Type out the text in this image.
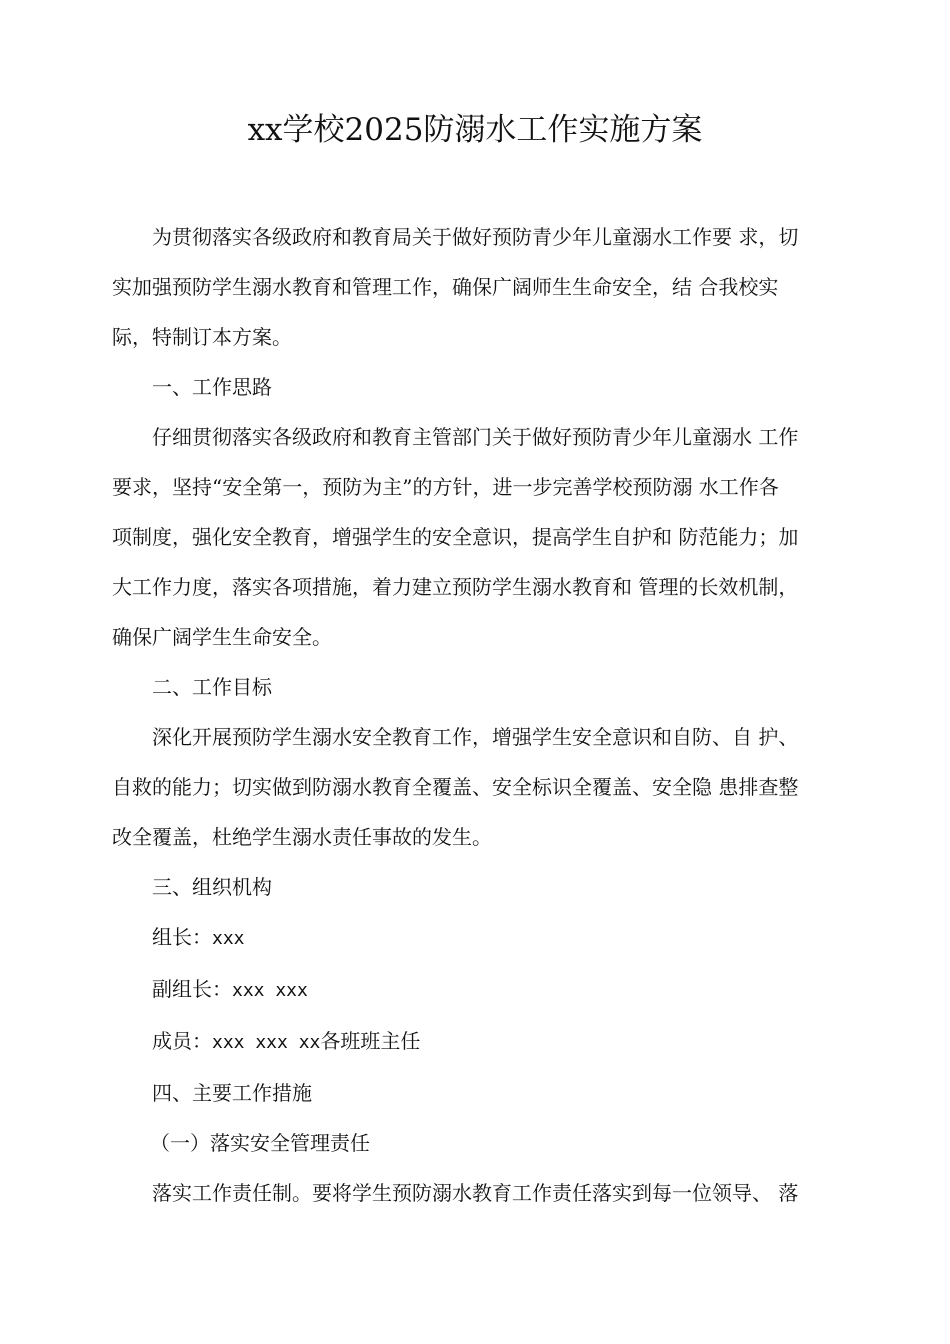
xx学校2025防溺水工作实施方案

为贯彻落实各级政府和教育局关于做好预防青少年儿童溺水工作要 求，切
实加强预防学生溺水教育和管理工作，确保广阔师生生命安全，结 合我校实
际，特制订本方案。

一、工作思路

仔细贯彻落实各级政府和教育主管部门关于做好预防青少年儿童溺水 工作
要求，坚持“安全第一，预防为主”的方针，进一步完善学校预防溺 水工作各
项制度，强化安全教育，增强学生的安全意识，提高学生自护和 防范能力；加
大工作力度，落实各项措施，着力建立预防学生溺水教育和 管理的长效机制，
确保广阔学生生命安全。

二、工作目标

深化开展预防学生溺水安全教育工作，增强学生安全意识和自防、自 护、
自救的能力；切实做到防溺水教育全覆盖、安全标识全覆盖、安全隐 患排查整
改全覆盖，杜绝学生溺水责任事故的发生。

三、组织机构

组长：xxx

副组长：xxx xxx

成员：xxx xxx xx各班班主任

四、主要工作措施

（一）落实安全管理责任

落实工作责任制。要将学生预防溺水教育工作责任落实到每一位领导、 落
